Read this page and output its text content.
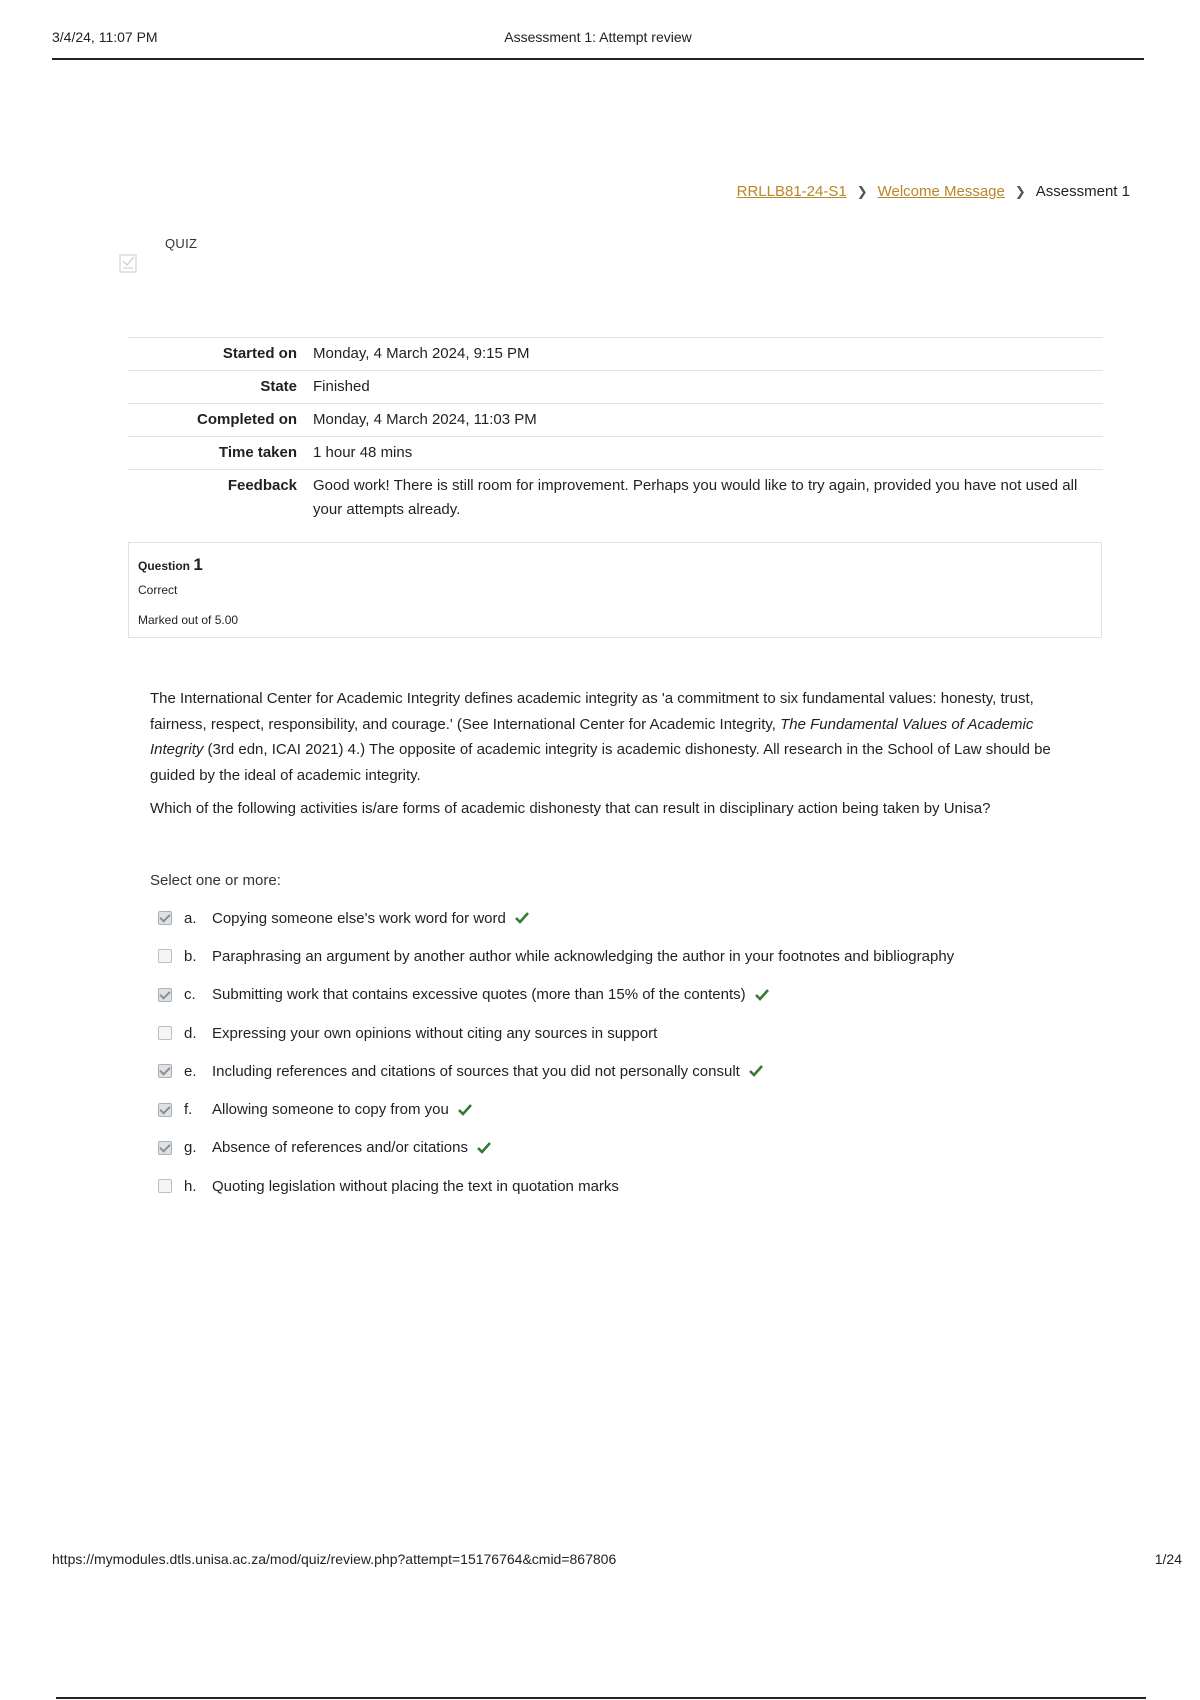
3/4/24, 11:07 PM	Assessment 1: Attempt review
RRLLB81-24-S1 ❯ Welcome Message ❯ Assessment 1
QUIZ
Started on	Monday, 4 March 2024, 9:15 PM
State	Finished
Completed on	Monday, 4 March 2024, 11:03 PM
Time taken	1 hour 48 mins
Feedback	Good work! There is still room for improvement. Perhaps you would like to try again, provided you have not used all your attempts already.
Question 1
Correct
Marked out of 5.00

The International Center for Academic Integrity defines academic integrity as 'a commitment to six fundamental values: honesty, trust, fairness, respect, responsibility, and courage.' (See International Center for Academic Integrity, The Fundamental Values of Academic Integrity (3rd edn, ICAI 2021) 4.) The opposite of academic integrity is academic dishonesty. All research in the School of Law should be guided by the ideal of academic integrity.

Which of the following activities is/are forms of academic dishonesty that can result in disciplinary action being taken by Unisa?

Select one or more:
a.	Copying someone else's work word for word
b.	Paraphrasing an argument by another author while acknowledging the author in your footnotes and bibliography
c.	Submitting work that contains excessive quotes (more than 15% of the contents)
d.	Expressing your own opinions without citing any sources in support
e.	Including references and citations of sources that you did not personally consult
f.	Allowing someone to copy from you
g.	Absence of references and/or citations
h.	Quoting legislation without placing the text in quotation marks
https://mymodules.dtls.unisa.ac.za/mod/quiz/review.php?attempt=15176764&cmid=867806	1/24
